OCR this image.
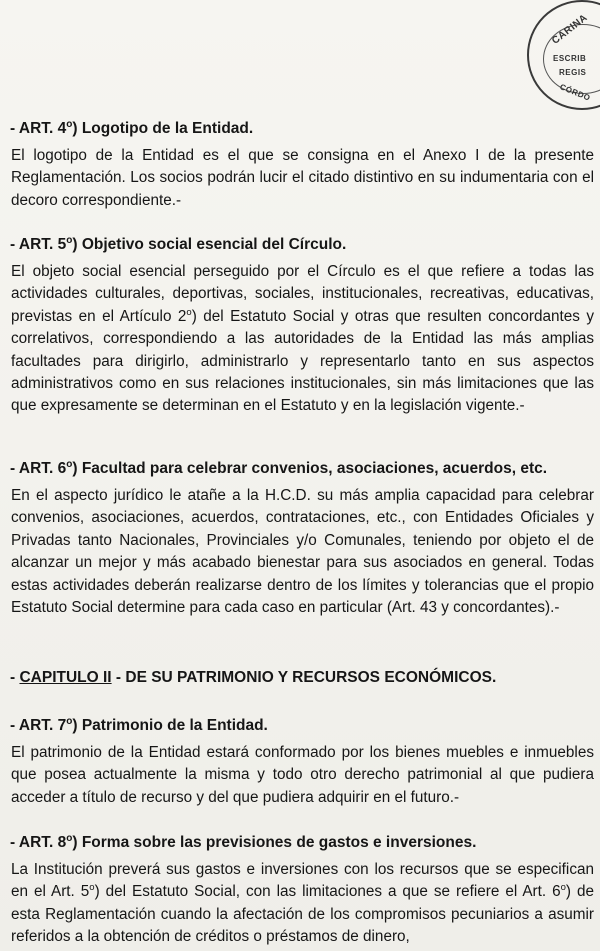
CARINA
ESCRIB
REGIS
CÓRDO

- ART. 4$^o$) Logotipo de la Entidad.

El logotipo de la Entidad es el que se consigna en el Anexo I de la presente Reglamentación. Los socios podrán lucir el citado distintivo en su indumentaria con el decoro correspondiente.-

- ART. 5$^o$) Objetivo social esencial del Círculo.

El objeto social esencial perseguido por el Círculo es el que refiere a todas las actividades culturales, deportivas, sociales, institucionales, recreativas, educativas, previstas en el Artículo 2$^o$) del Estatuto Social y otras que resulten concordantes y correlativos, correspondiendo a las autoridades de la Entidad las más amplias facultades para dirigirlo, administrarlo y representarlo tanto en sus aspectos administrativos como en sus relaciones institucionales, sin más limitaciones que las que expresamente se determinan en el Estatuto y en la legislación vigente.-

- ART. 6$^o$) Facultad para celebrar convenios, asociaciones, acuerdos, etc.

En el aspecto jurídico le atañe a la H.C.D. su más amplia capacidad para celebrar convenios, asociaciones, acuerdos, contrataciones, etc., con Entidades Oficiales y Privadas tanto Nacionales, Provinciales y/o Comunales, teniendo por objeto el de alcanzar un mejor y más acabado bienestar para sus asociados en general. Todas estas actividades deberán realizarse dentro de los límites y tolerancias que el propio Estatuto Social determine para cada caso en particular (Art. 43 y concordantes).-

- CAPITULO II - DE SU PATRIMONIO Y RECURSOS ECONÓMICOS.

- ART. 7$^o$) Patrimonio de la Entidad.

El patrimonio de la Entidad estará conformado por los bienes muebles e inmuebles que posea actualmente la misma y todo otro derecho patrimonial al que pudiera acceder a título de recurso y del que pudiera adquirir en el futuro.-

- ART. 8$^o$) Forma sobre las previsiones de gastos e inversiones.

La Institución preverá sus gastos e inversiones con los recursos que se especifican en el Art. 5$^o$) del Estatuto Social, con las limitaciones a que se refiere el Art. 6$^o$) de esta Reglamentación cuando la afectación de los compromisos pecuniarios a asumir referidos a la obtención de créditos o préstamos de dinero,
